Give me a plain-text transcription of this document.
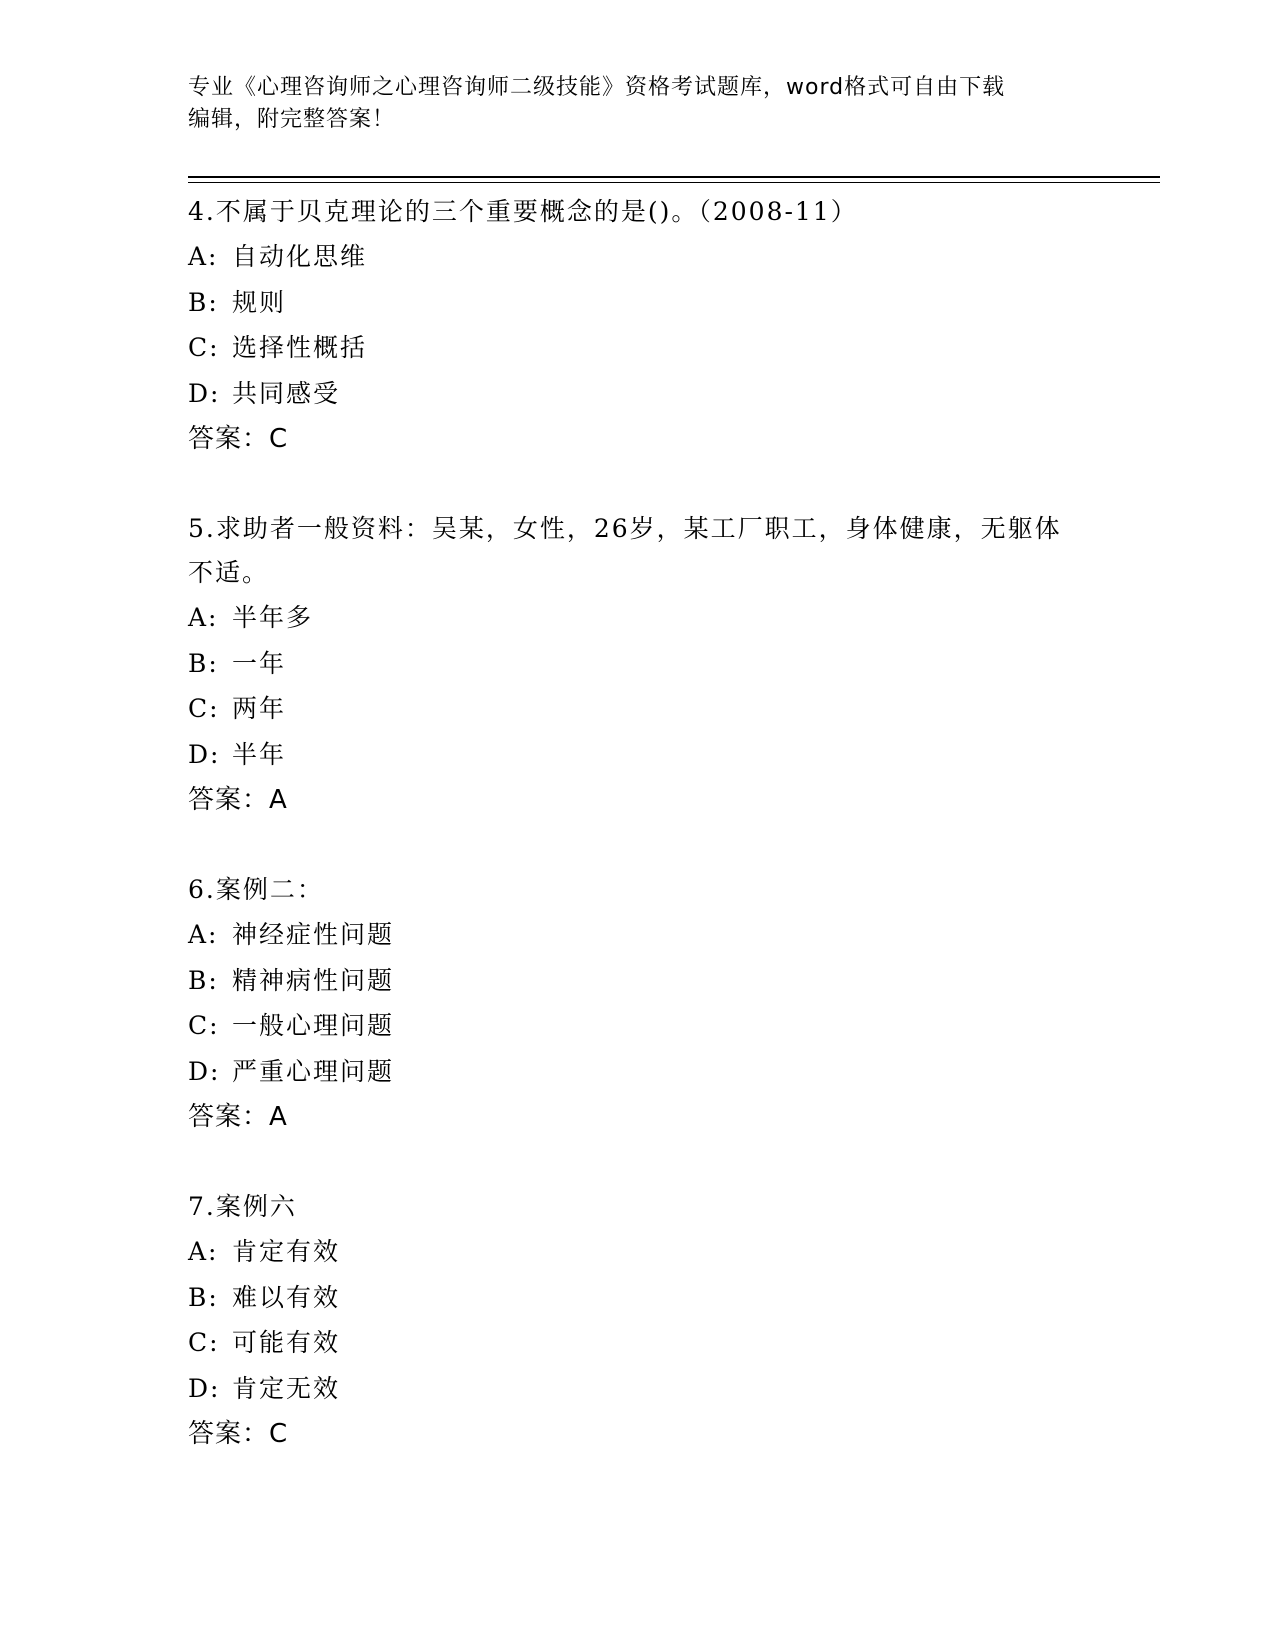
专业《心理咨询师之心理咨询师二级技能》资格考试题库，word格式可自由下载
编辑，附完整答案！

4.不属于贝克理论的三个重要概念的是()。（2008-11）

A: 自动化思维

B: 规则

C: 选择性概括

D: 共同感受

答案：C

5.求助者一般资料：吴某，女性，26岁，某工厂职工，身体健康，无躯体不适。

A: 半年多

B: 一年

C: 两年

D: 半年

答案：A

6.案例二：

A: 神经症性问题

B: 精神病性问题

C: 一般心理问题

D: 严重心理问题

答案：A

7.案例六

A: 肯定有效

B: 难以有效

C: 可能有效

D: 肯定无效

答案：C
